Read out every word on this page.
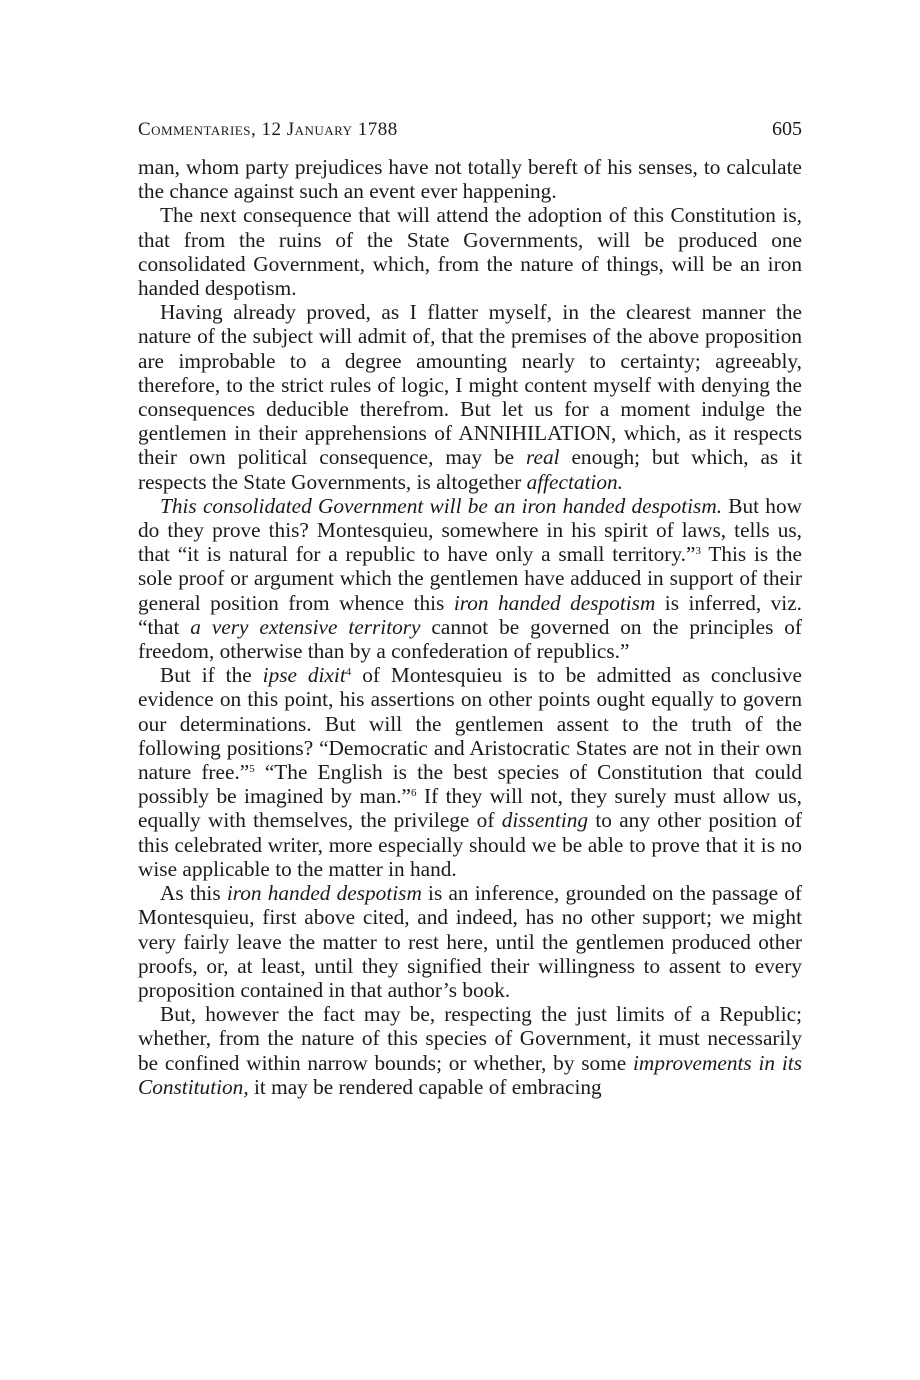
Commentaries, 12 January 1788	605

man, whom party prejudices have not totally bereft of his senses, to calculate the chance against such an event ever happening.

The next consequence that will attend the adoption of this Constitution is, that from the ruins of the State Governments, will be produced one consolidated Government, which, from the nature of things, will be an iron handed despotism.

Having already proved, as I flatter myself, in the clearest manner the nature of the subject will admit of, that the premises of the above proposition are improbable to a degree amounting nearly to certainty; agreeably, therefore, to the strict rules of logic, I might content myself with denying the consequences deducible therefrom. But let us for a moment indulge the gentlemen in their apprehensions of ANNIHILATION, which, as it respects their own political consequence, may be real enough; but which, as it respects the State Governments, is altogether affectation.

This consolidated Government will be an iron handed despotism. But how do they prove this? Montesquieu, somewhere in his spirit of laws, tells us, that “it is natural for a republic to have only a small territory.”$^3$ This is the sole proof or argument which the gentlemen have adduced in support of their general position from whence this iron handed despotism is inferred, viz. “that a very extensive territory cannot be governed on the principles of freedom, otherwise than by a confederation of republics.”

But if the ipse dixit$^4$ of Montesquieu is to be admitted as conclusive evidence on this point, his assertions on other points ought equally to govern our determinations. But will the gentlemen assent to the truth of the following positions? “Democratic and Aristocratic States are not in their own nature free.”$^5$ “The English is the best species of Constitution that could possibly be imagined by man.”$^6$ If they will not, they surely must allow us, equally with themselves, the privilege of dissenting to any other position of this celebrated writer, more especially should we be able to prove that it is no wise applicable to the matter in hand.

As this iron handed despotism is an inference, grounded on the passage of Montesquieu, first above cited, and indeed, has no other support; we might very fairly leave the matter to rest here, until the gentlemen produced other proofs, or, at least, until they signified their willingness to assent to every proposition contained in that author’s book.

But, however the fact may be, respecting the just limits of a Republic; whether, from the nature of this species of Government, it must necessarily be confined within narrow bounds; or whether, by some improvements in its Constitution, it may be rendered capable of embracing
